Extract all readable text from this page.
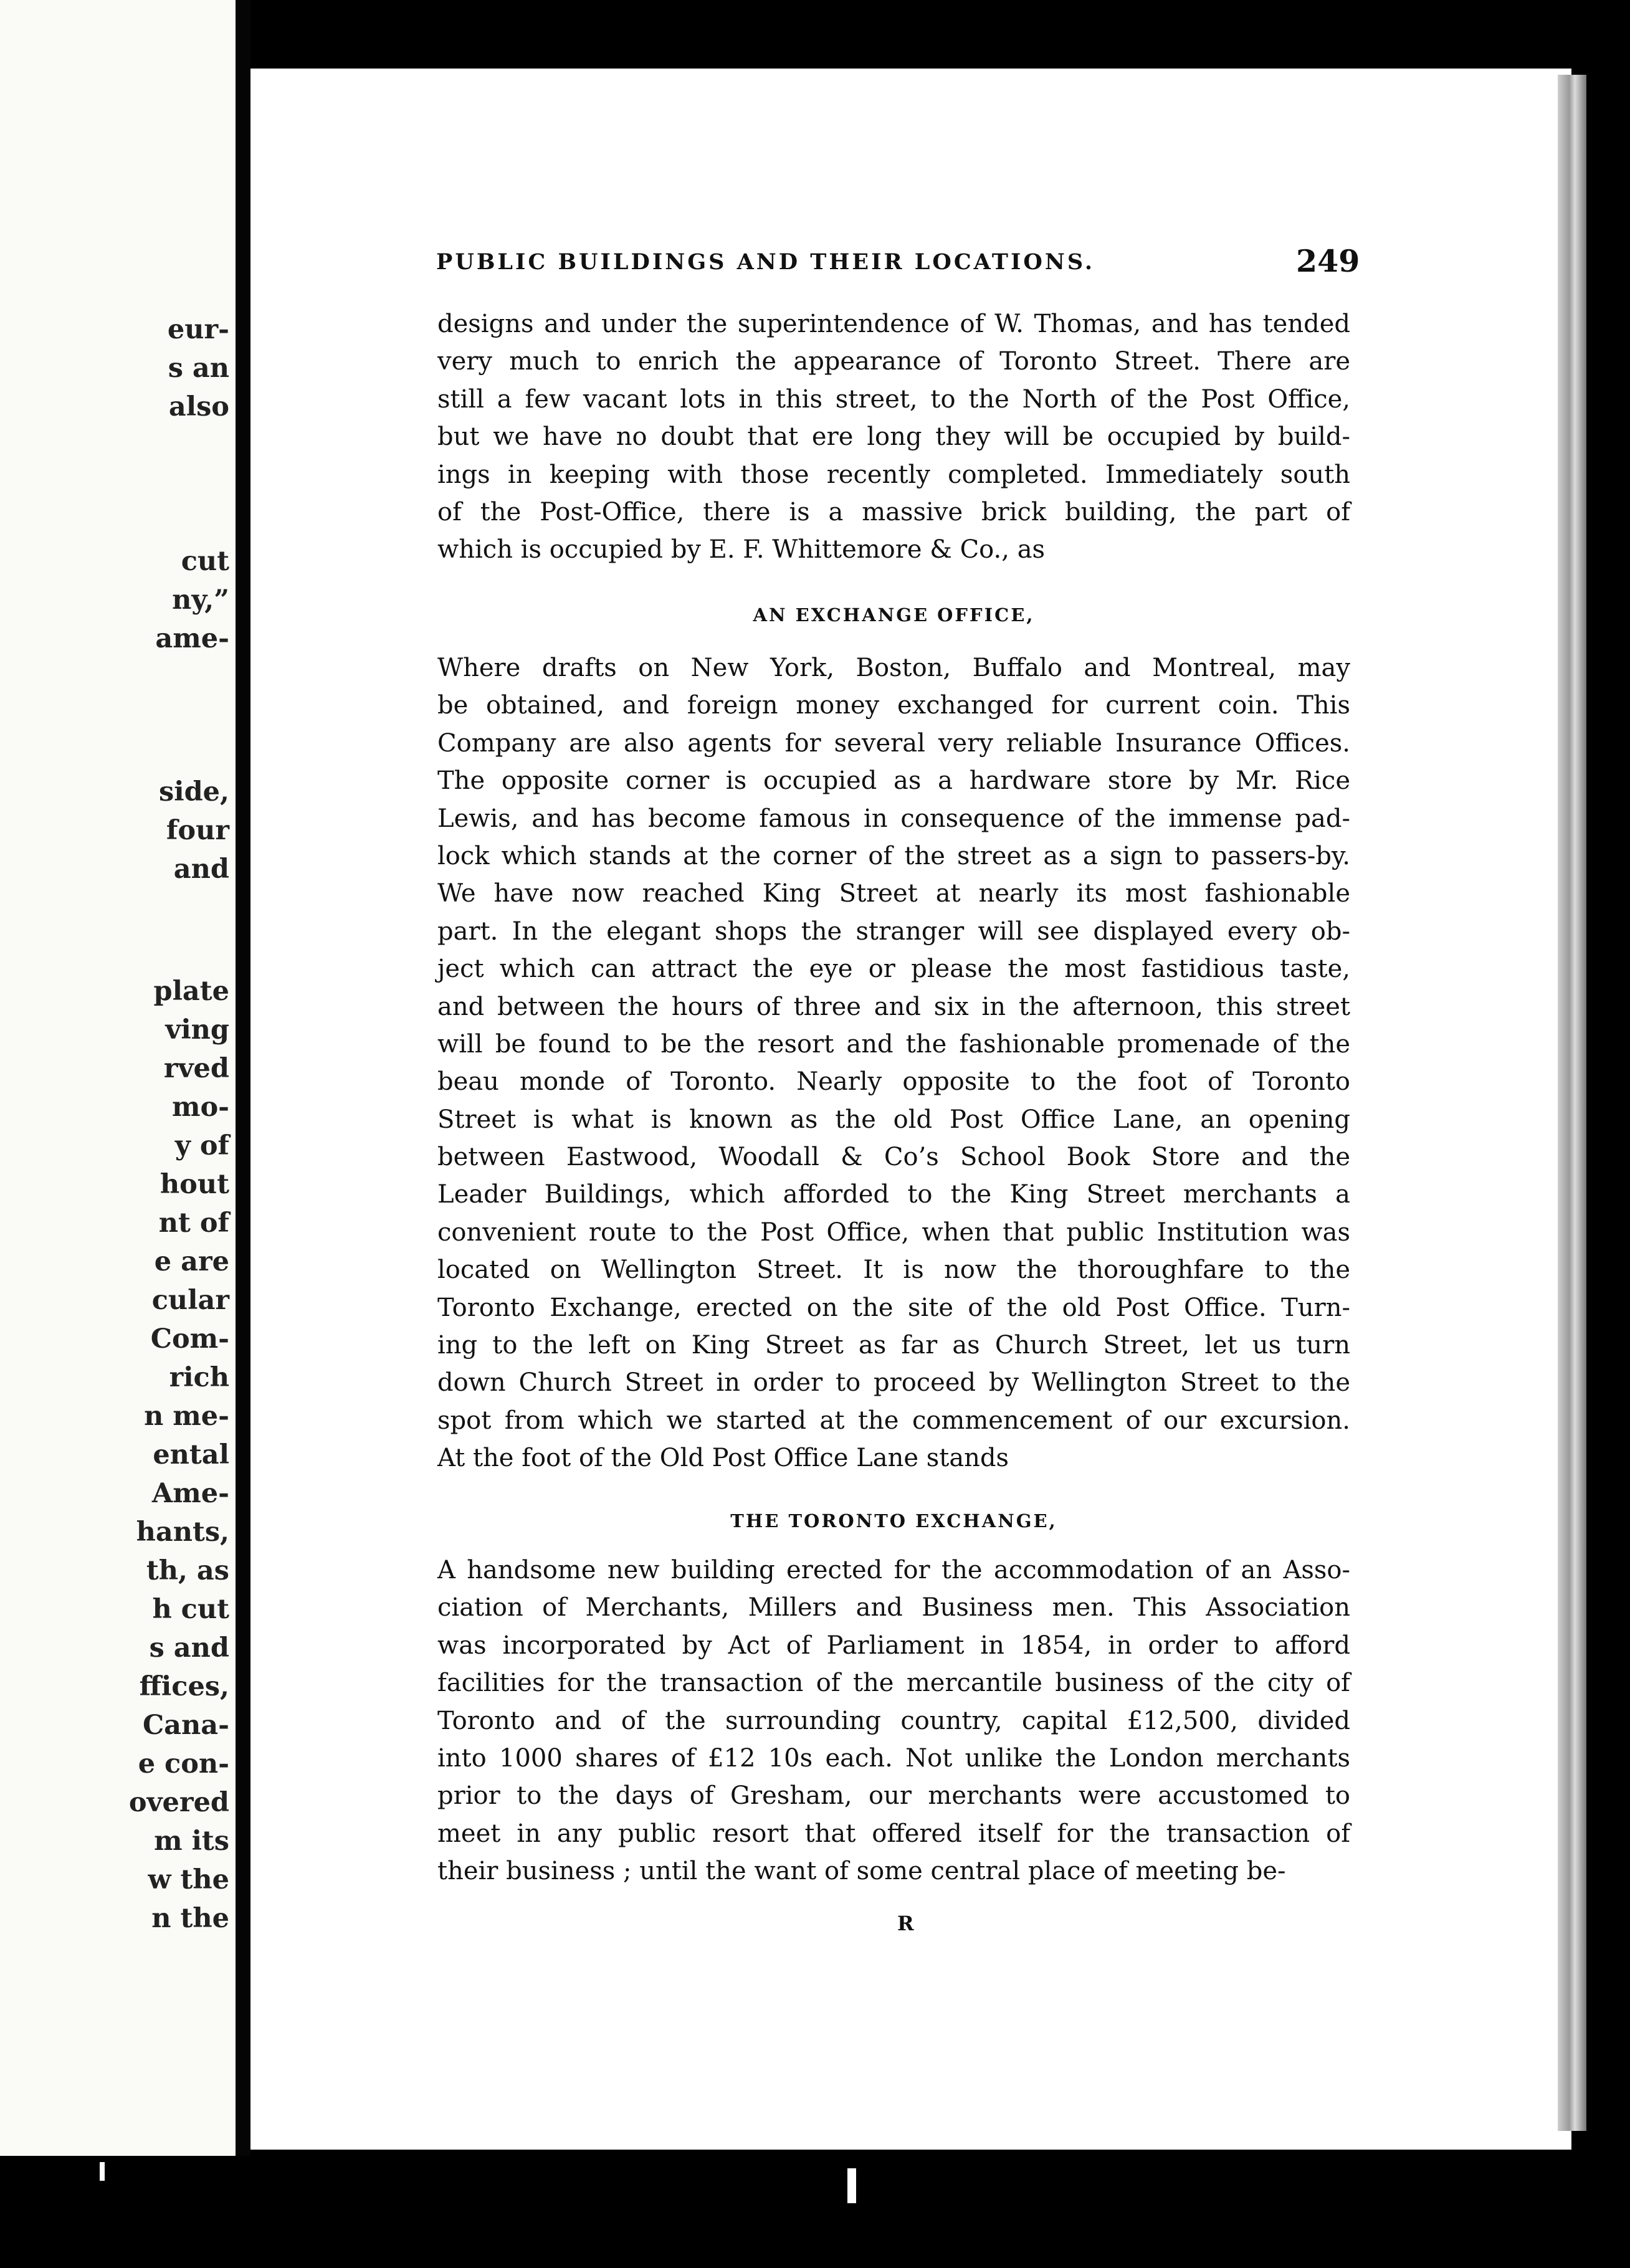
eur-
s an
also
cut
ny,”
ame-
side,
four
and
plate
ving
rved
mo-
y of
hout
nt of
e are
cular
Com-
rich
n me-
ental
Ame-
hants,
th, as
h cut
s and
ffices,
Cana-
e con-
overed
m its
w the
n the
PUBLIC BUILDINGS AND THEIR LOCATIONS.	249
designs and under the superintendence of W. Thomas, and has tended
very much to enrich the appearance of Toronto Street. There are
still a few vacant lots in this street, to the North of the Post Office,
but we have no doubt that ere long they will be occupied by build-
ings in keeping with those recently completed. Immediately south
of the Post-Office, there is a massive brick building, the part of
which is occupied by E. F. Whittemore & Co., as
AN EXCHANGE OFFICE,
Where drafts on New York, Boston, Buffalo and Montreal, may
be obtained, and foreign money exchanged for current coin. This
Company are also agents for several very reliable Insurance Offices.
The opposite corner is occupied as a hardware store by Mr. Rice
Lewis, and has become famous in consequence of the immense pad-
lock which stands at the corner of the street as a sign to passers-by.
We have now reached King Street at nearly its most fashionable
part. In the elegant shops the stranger will see displayed every ob-
ject which can attract the eye or please the most fastidious taste,
and between the hours of three and six in the afternoon, this street
will be found to be the resort and the fashionable promenade of the
beau monde of Toronto. Nearly opposite to the foot of Toronto
Street is what is known as the old Post Office Lane, an opening
between Eastwood, Woodall & Co’s School Book Store and the
Leader Buildings, which afforded to the King Street merchants a
convenient route to the Post Office, when that public Institution was
located on Wellington Street. It is now the thoroughfare to the
Toronto Exchange, erected on the site of the old Post Office. Turn-
ing to the left on King Street as far as Church Street, let us turn
down Church Street in order to proceed by Wellington Street to the
spot from which we started at the commencement of our excursion.
At the foot of the Old Post Office Lane stands
THE TORONTO EXCHANGE,
A handsome new building erected for the accommodation of an Asso-
ciation of Merchants, Millers and Business men. This Association
was incorporated by Act of Parliament in 1854, in order to afford
facilities for the transaction of the mercantile business of the city of
Toronto and of the surrounding country, capital £12,500, divided
into 1000 shares of £12 10s each. Not unlike the London merchants
prior to the days of Gresham, our merchants were accustomed to
meet in any public resort that offered itself for the transaction of
their business ; until the want of some central place of meeting be-
R
